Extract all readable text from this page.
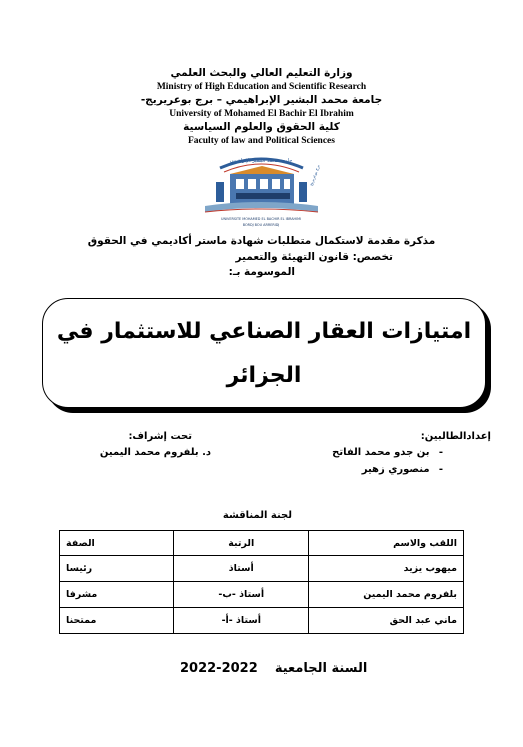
وزارة التعليم العالي والبحث العلمي
Ministry of High Education and Scientific Research
جامعة محمد البشير الإبراهيمي – برج بوعريريج-
University of Mohamed El Bachir El Ibrahim
كلية الحقوق والعلوم السياسية
Faculty of law and Political Sciences
جامعة محمد البشير الإبراهيمي
UNIVERSITE MOHAMED EL BACHIR EL IBRAHIMI
BORDJ BOU ARRERIDJ
برج بوعريريج
مذكرة مقدمة لاستكمال متطلبات شهادة ماستر أكاديمي في الحقوق
تخصص: قانون التهيئة والتعمير
الموسومة بـ:
امتيازات العقار الصناعي للاستثمار في
الجزائر
إعدادالطالبين:
- بن جدو محمد الفاتح
- منصوري زهير
تحت إشراف:
د. بلفروم محمد اليمين
لجنة المناقشة
اللقب والاسم	الرتبة	الصفة
ميهوب يزيد	أستاذ	رئيسا
بلفروم محمد اليمين	أستاذ -ب-	مشرفا
ماني عبد الحق	أستاذ -أ-	ممتحنا
2022-2022 السنة الجامعية
